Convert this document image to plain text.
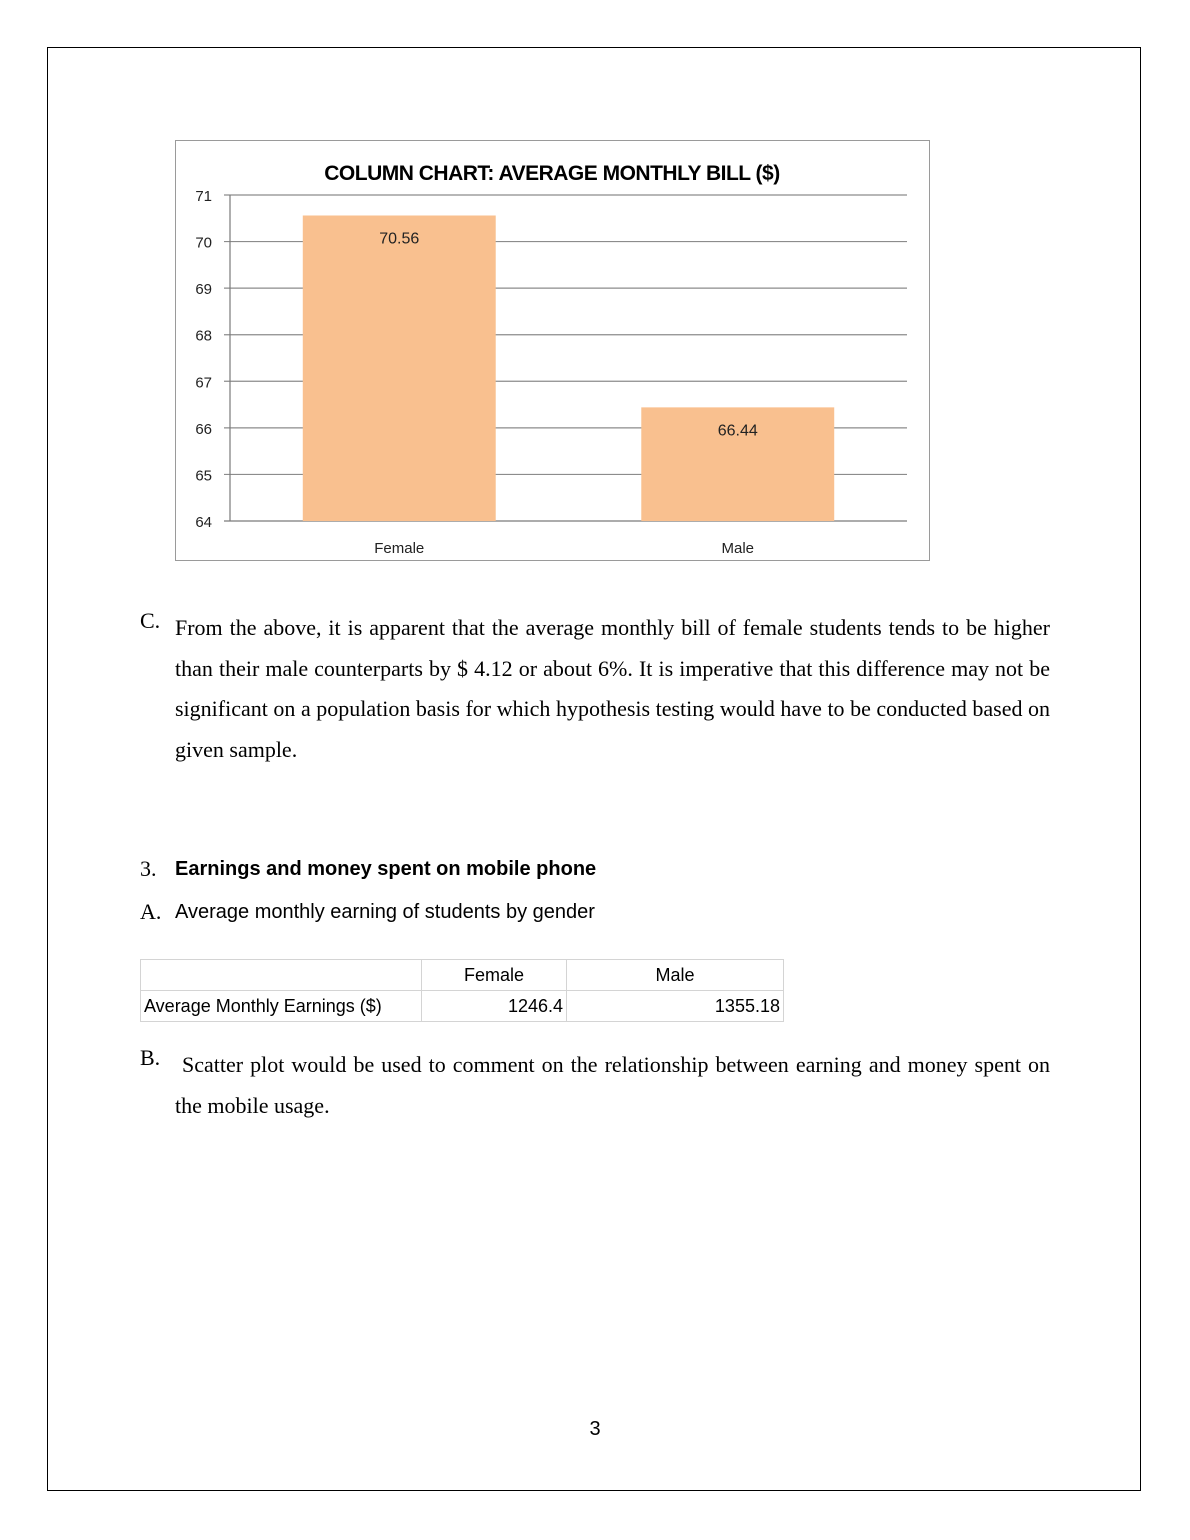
COLUMN CHART: AVERAGE MONTHLY BILL ($)
64
65
66
67
68
69
70
71
70.56
Female
66.44
Male
C. From the above, it is apparent that the average monthly bill of female students tends to be higher than their male counterparts by $ 4.12 or about 6%. It is imperative that this difference may not be significant on a population basis for which hypothesis testing would have to be conducted based on given sample.
3. Earnings and money spent on mobile phone
A. Average monthly earning of students by gender
	Female	Male
Average Monthly Earnings ($)	1246.4	1355.18
B. Scatter plot would be used to comment on the relationship between earning and money spent on the mobile usage.
3
